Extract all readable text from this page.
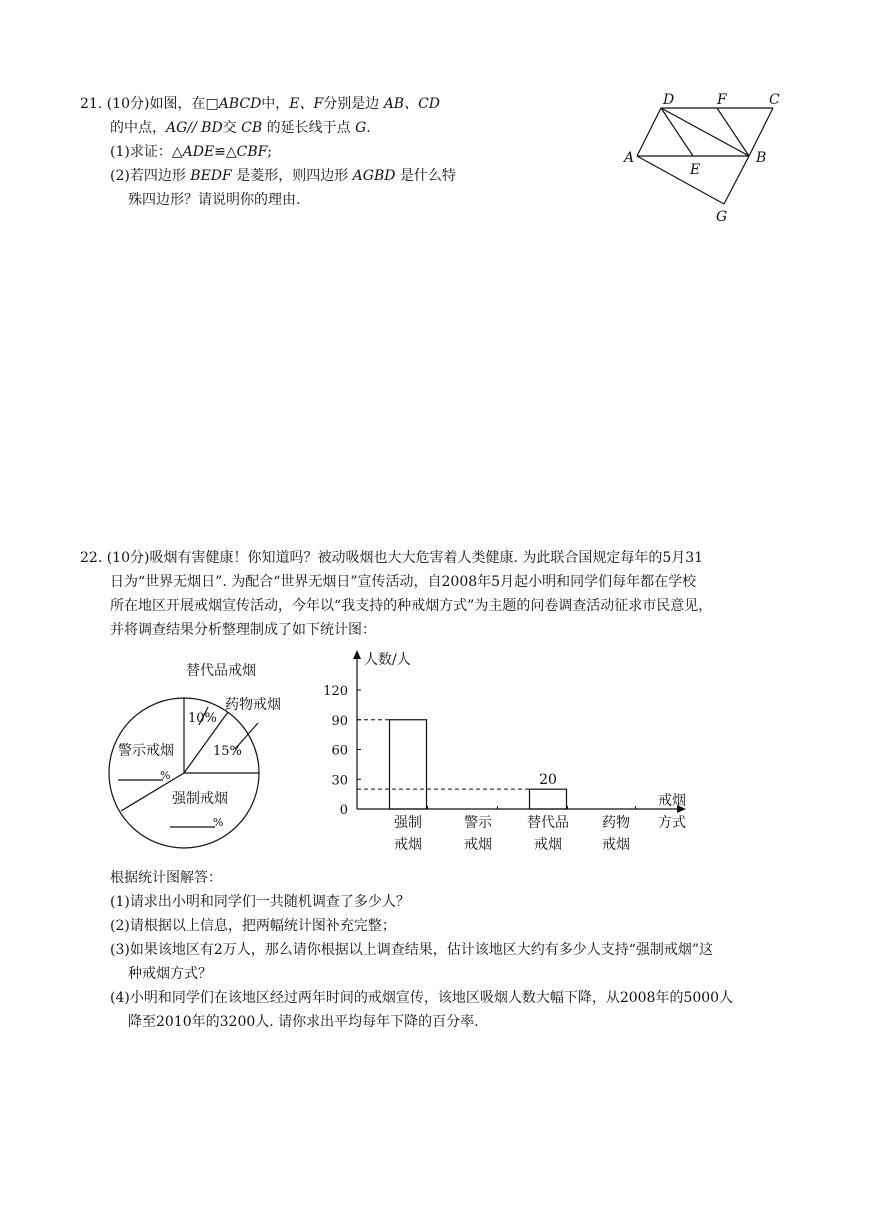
21. (10分)如图，在□ABCD中，E、F分别是边 AB、CD
的中点，AG// BD交 CB 的延长线于点 G.
(1)求证：△ADE≌△CBF;
(2)若四边形 BEDF 是菱形，则四边形 AGBD 是什么特
殊四边形？请说明你的理由.
D	F	C
A	B
E
G
22. (10分)吸烟有害健康！你知道吗？被动吸烟也大大危害着人类健康. 为此联合国规定每年的5月31
日为“世界无烟日”. 为配合“世界无烟日”宣传活动，自2008年5月起小明和同学们每年都在学校
所在地区开展戒烟宣传活动，今年以“我支持的种戒烟方式”为主题的问卷调查活动征求市民意见，
并将调查结果分析整理制成了如下统计图：
替代品戒烟
药物戒烟
警示戒烟
强制戒烟
10%
15%
%
%
人数/人
戒烟
方式
0
30
60
90
120
强制
戒烟
警示
戒烟
替代品
戒烟
20
药物
戒烟
根据统计图解答：
(1)请求出小明和同学们一共随机调查了多少人？
(2)请根据以上信息，把两幅统计图补充完整；
(3)如果该地区有2万人，那么请你根据以上调查结果，估计该地区大约有多少人支持“强制戒烟”这
种戒烟方式？
(4)小明和同学们在该地区经过两年时间的戒烟宣传，该地区吸烟人数大幅下降，从2008年的5000人
降至2010年的3200人. 请你求出平均每年下降的百分率.
